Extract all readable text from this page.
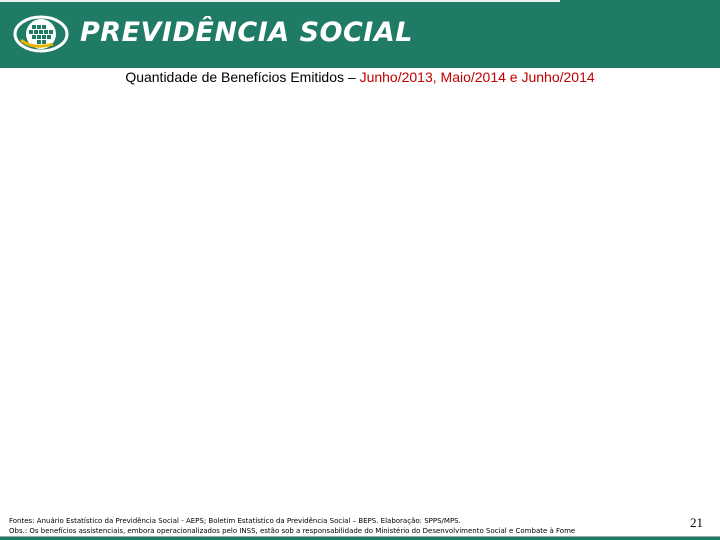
PREVIDÊNCIA SOCIAL
Quantidade de Benefícios Emitidos – Junho/2013, Maio/2014 e Junho/2014
Fontes: Anuário Estatístico da Previdência Social - AEPS; Boletim Estatístico da Previdência Social – BEPS. Elaboração: SPPS/MPS.
Obs.: Os benefícios assistenciais, embora operacionalizados pelo INSS, estão sob a responsabilidade do Ministério do Desenvolvimento Social e Combate à Fome
21
